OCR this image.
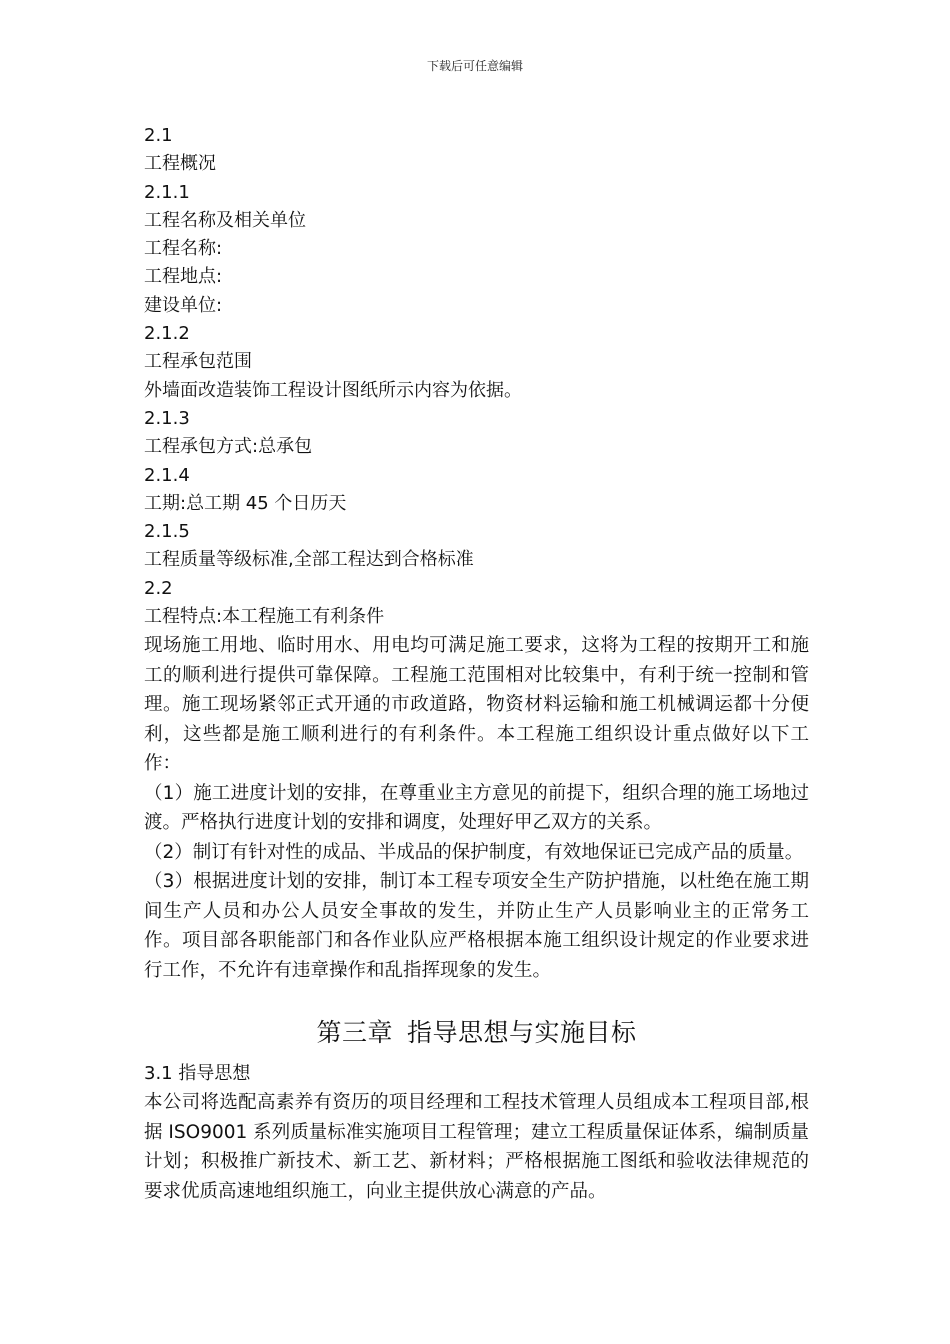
下载后可任意编辑
2.1
工程概况
2.1.1
工程名称及相关单位
工程名称:
工程地点:
建设单位:
2.1.2
工程承包范围
外墙面改造装饰工程设计图纸所示内容为依据。
2.1.3
工程承包方式:总承包
2.1.4
工期:总工期 45 个日历天
2.1.5
工程质量等级标准,全部工程达到合格标准
2.2
工程特点:本工程施工有利条件

现场施工用地、临时用水、用电均可满足施工要求，这将为工程的按期开工和施工的顺利进行提供可靠保障。工程施工范围相对比较集中，有利于统一控制和管理。施工现场紧邻正式开通的市政道路，物资材料运输和施工机械调运都十分便利，这些都是施工顺利进行的有利条件。本工程施工组织设计重点做好以下工作：

（1）施工进度计划的安排，在尊重业主方意见的前提下，组织合理的施工场地过渡。严格执行进度计划的安排和调度，处理好甲乙双方的关系。

（2）制订有针对性的成品、半成品的保护制度，有效地保证已完成产品的质量。

（3）根据进度计划的安排，制订本工程专项安全生产防护措施，以杜绝在施工期间生产人员和办公人员安全事故的发生，并防止生产人员影响业主的正常务工作。项目部各职能部门和各作业队应严格根据本施工组织设计规定的作业要求进行工作，不允许有违章操作和乱指挥现象的发生。

第三章 指导思想与实施目标
3.1 指导思想

本公司将选配高素养有资历的项目经理和工程技术管理人员组成本工程项目部,根据 ISO9001 系列质量标准实施项目工程管理；建立工程质量保证体系，编制质量计划；积极推广新技术、新工艺、新材料；严格根据施工图纸和验收法律规范的要求优质高速地组织施工，向业主提供放心满意的产品。
